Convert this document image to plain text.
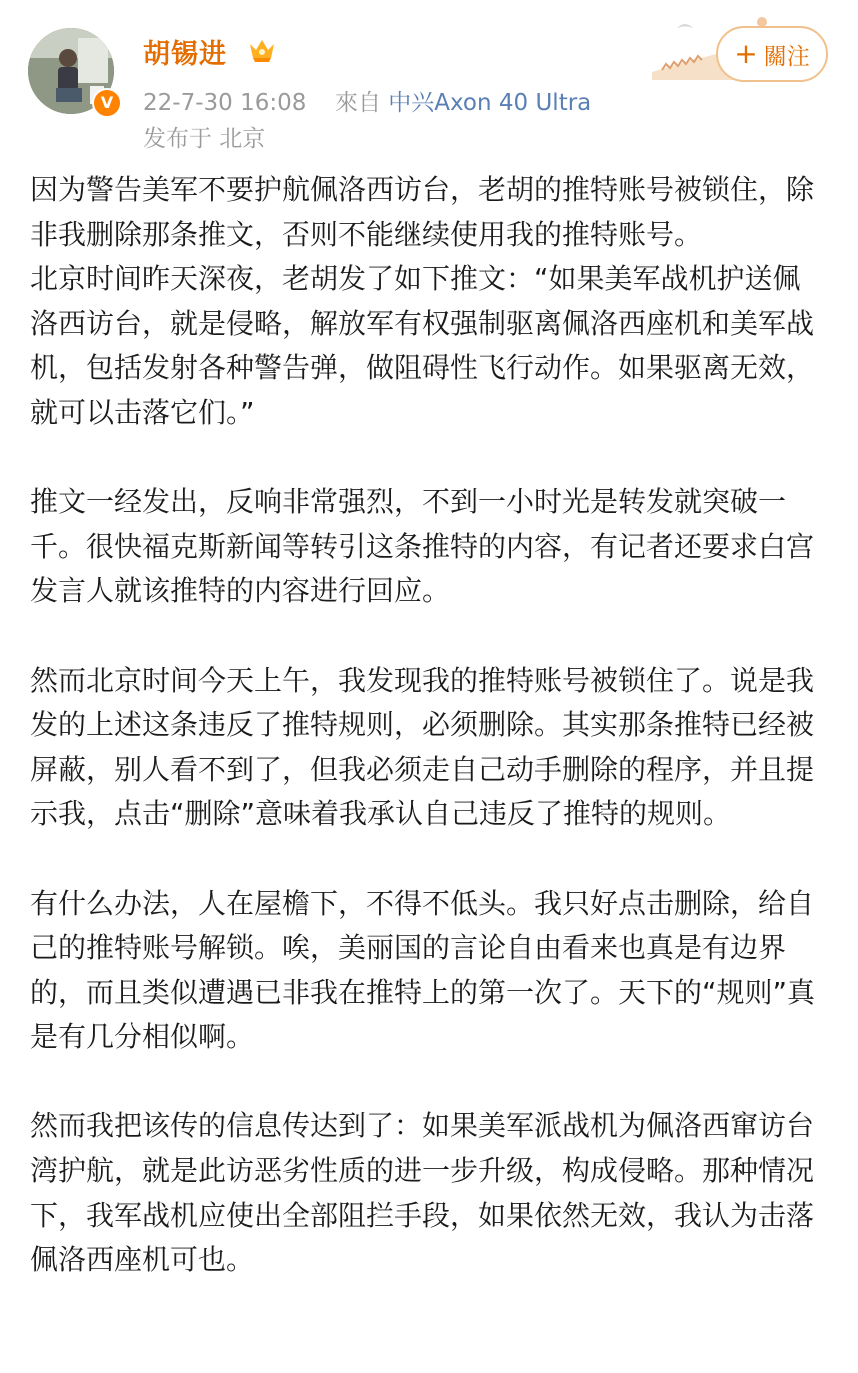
V
胡锡进
22-7-30 16:08 來自 中兴Axon 40 Ultra
发布于 北京
+ 關注

因为警告美军不要护航佩洛西访台，老胡的推特账号被锁住，除非我删除那条推文，否则不能继续使用我的推特账号。

北京时间昨天深夜，老胡发了如下推文：“如果美军战机护送佩洛西访台，就是侵略，解放军有权强制驱离佩洛西座机和美军战机，包括发射各种警告弹，做阻碍性飞行动作。如果驱离无效，就可以击落它们。”

推文一经发出，反响非常强烈，不到一小时光是转发就突破一千。很快福克斯新闻等转引这条推特的内容，有记者还要求白宫发言人就该推特的内容进行回应。

然而北京时间今天上午，我发现我的推特账号被锁住了。说是我发的上述这条违反了推特规则，必须删除。其实那条推特已经被屏蔽，别人看不到了，但我必须走自己动手删除的程序，并且提示我，点击“删除”意味着我承认自己违反了推特的规则。

有什么办法，人在屋檐下，不得不低头。我只好点击删除，给自己的推特账号解锁。唉，美丽国的言论自由看来也真是有边界的，而且类似遭遇已非我在推特上的第一次了。天下的“规则”真是有几分相似啊。

然而我把该传的信息传达到了：如果美军派战机为佩洛西窜访台湾护航，就是此访恶劣性质的进一步升级，构成侵略。那种情况下，我军战机应使出全部阻拦手段，如果依然无效，我认为击落佩洛西座机可也。
